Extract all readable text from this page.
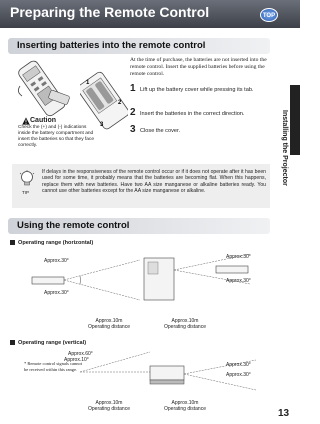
Preparing the Remote Control	TOP
Installing the Projector
Inserting batteries into the remote control
Caution
Check the (+) and (-) indications inside the battery compartment and insert the batteries so that they face correctly.
1
2
3
At the time of purchase, the batteries are not inserted into the remote control. Insert the supplied batteries before using the remote control.
1 Lift up the battery cover while pressing its tab.
2 Insert the batteries in the correct direction.
3 Close the cover.
TIP
If delays in the responsiveness of the remote control occur or if it does not operate after it has been used for some time, it probably means that the batteries are becoming flat. When this happens, replace them with new batteries. Have two AA size manganese or alkaline batteries ready. You cannot use other batteries except for the AA size manganese or alkaline.
Using the remote control
Operating range (horizontal)
Approx.30°
Approx.30°
Approx.30°
Approx.30°
Approx.10m
Operating distance
Approx.10m
Operating distance
Operating range (vertical)
Approx.60°
Approx.10°
Approx.30°
Approx.30°
Approx.10m
Operating distance
Approx.10m
Operating distance
* Remote control signals cannot be received within this range.
13
